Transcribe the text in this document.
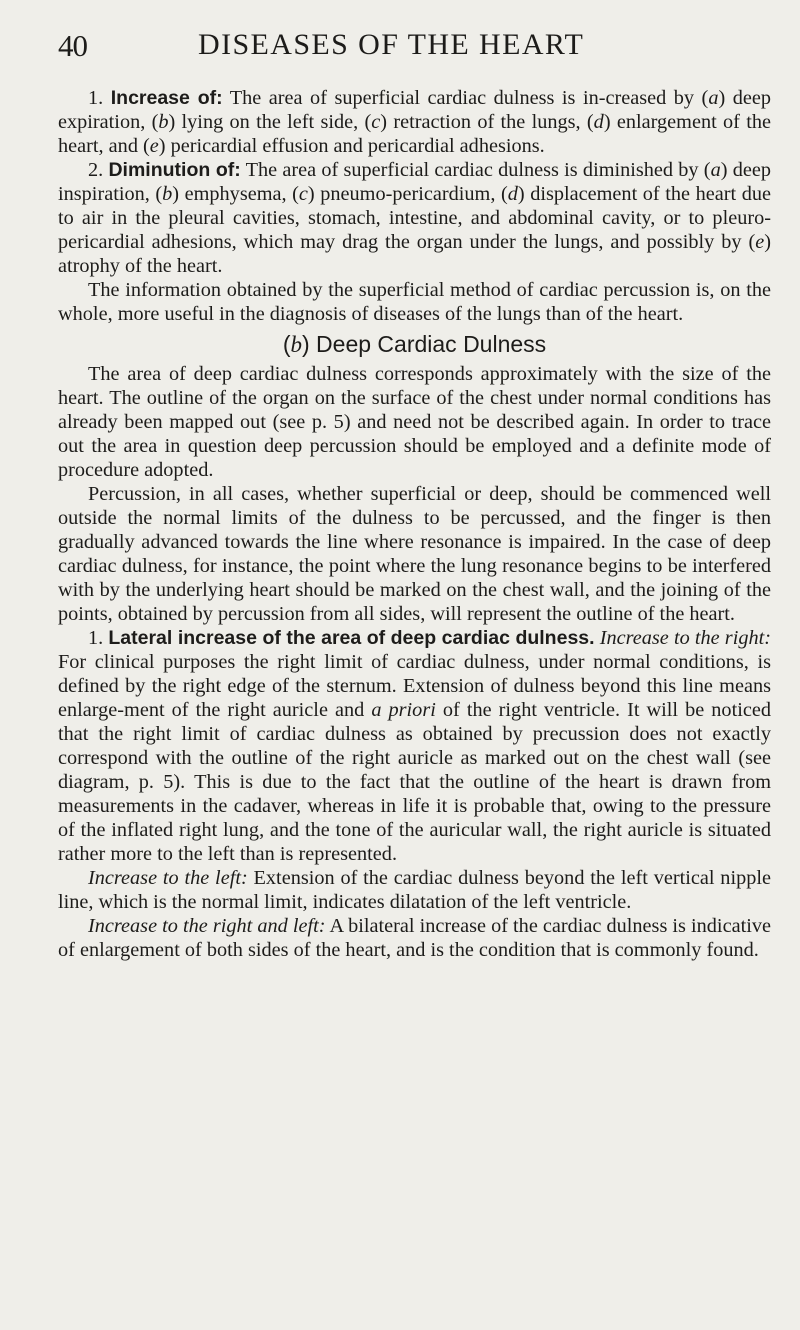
40	DISEASES OF THE HEART

1. Increase of: The area of superficial cardiac dulness is in-creased by (a) deep expiration, (b) lying on the left side, (c) retraction of the lungs, (d) enlargement of the heart, and (e) pericardial effusion and pericardial adhesions.

2. Diminution of: The area of superficial cardiac dulness is diminished by (a) deep inspiration, (b) emphysema, (c) pneumo-pericardium, (d) displacement of the heart due to air in the pleural cavities, stomach, intestine, and abdominal cavity, or to pleuro-pericardial adhesions, which may drag the organ under the lungs, and possibly by (e) atrophy of the heart.

The information obtained by the superficial method of cardiac percussion is, on the whole, more useful in the diagnosis of diseases of the lungs than of the heart.

(b) Deep Cardiac Dulness

The area of deep cardiac dulness corresponds approximately with the size of the heart. The outline of the organ on the surface of the chest under normal conditions has already been mapped out (see p. 5) and need not be described again. In order to trace out the area in question deep percussion should be employed and a definite mode of procedure adopted.

Percussion, in all cases, whether superficial or deep, should be commenced well outside the normal limits of the dulness to be percussed, and the finger is then gradually advanced towards the line where resonance is impaired. In the case of deep cardiac dulness, for instance, the point where the lung resonance begins to be interfered with by the underlying heart should be marked on the chest wall, and the joining of the points, obtained by percussion from all sides, will represent the outline of the heart.

1. Lateral increase of the area of deep cardiac dulness. Increase to the right: For clinical purposes the right limit of cardiac dulness, under normal conditions, is defined by the right edge of the sternum. Extension of dulness beyond this line means enlarge-ment of the right auricle and a priori of the right ventricle. It will be noticed that the right limit of cardiac dulness as obtained by precussion does not exactly correspond with the outline of the right auricle as marked out on the chest wall (see diagram, p. 5). This is due to the fact that the outline of the heart is drawn from measurements in the cadaver, whereas in life it is probable that, owing to the pressure of the inflated right lung, and the tone of the auricular wall, the right auricle is situated rather more to the left than is represented.

Increase to the left: Extension of the cardiac dulness beyond the left vertical nipple line, which is the normal limit, indicates dilatation of the left ventricle.

Increase to the right and left: A bilateral increase of the cardiac dulness is indicative of enlargement of both sides of the heart, and is the condition that is commonly found.
